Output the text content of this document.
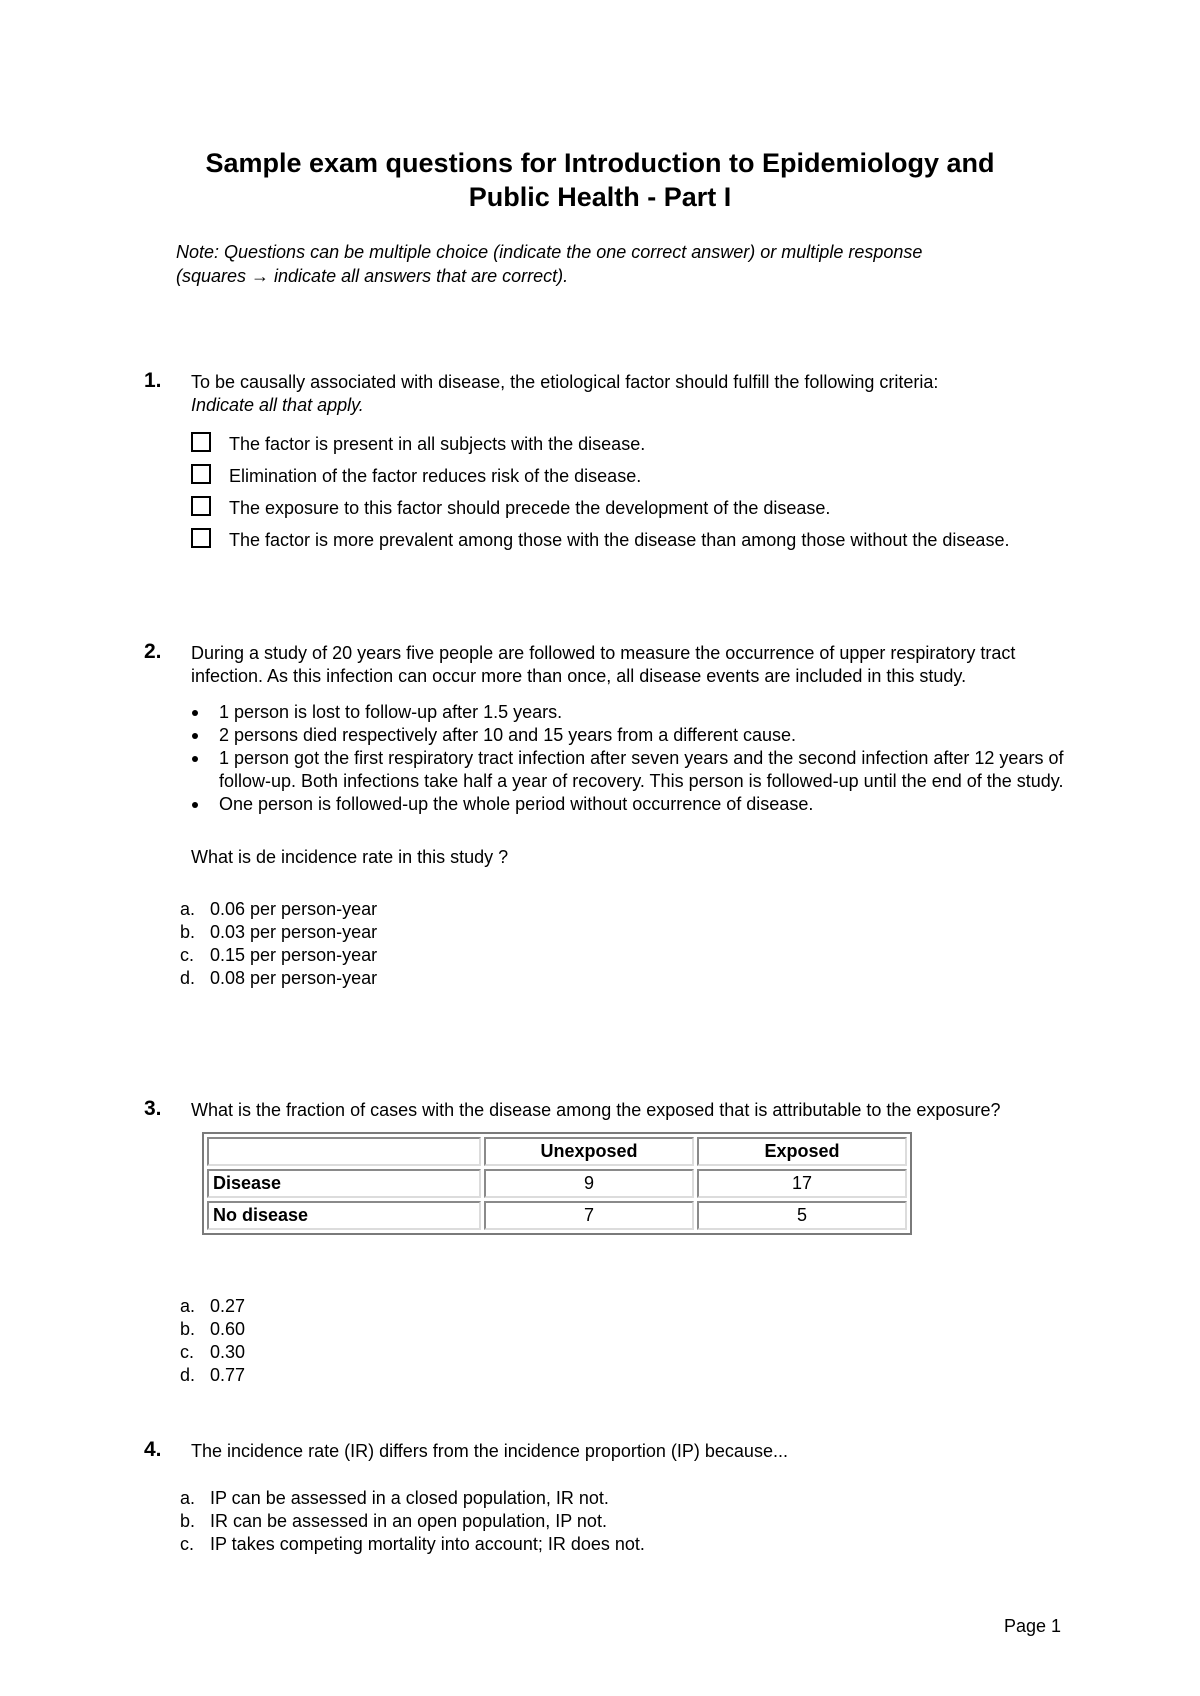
Sample exam questions for Introduction to Epidemiology and
Public Health - Part I
Note: Questions can be multiple choice (indicate the one correct answer) or multiple response
(squares → indicate all answers that are correct).
1. To be causally associated with disease, the etiological factor should fulfill the following criteria:
Indicate all that apply.
The factor is present in all subjects with the disease.
Elimination of the factor reduces risk of the disease.
The exposure to this factor should precede the development of the disease.
The factor is more prevalent among those with the disease than among those without the disease.
2. During a study of 20 years five people are followed to measure the occurrence of upper respiratory tract infection. As this infection can occur more than once, all disease events are included in this study.
1 person is lost to follow-up after 1.5 years.
2 persons died respectively after 10 and 15 years from a different cause.
1 person got the first respiratory tract infection after seven years and the second infection after 12 years of follow-up. Both infections take half a year of recovery. This person is followed-up until the end of the study.
One person is followed-up the whole period without occurrence of disease.
What is de incidence rate in this study ?
a. 0.06 per person-year
b. 0.03 per person-year
c. 0.15 per person-year
d. 0.08 per person-year
3. What is the fraction of cases with the disease among the exposed that is attributable to the exposure?
	Unexposed	Exposed
Disease	9	17
No disease	7	5
a. 0.27
b. 0.60
c. 0.30
d. 0.77
4. The incidence rate (IR) differs from the incidence proportion (IP) because...
a. IP can be assessed in a closed population, IR not.
b. IR can be assessed in an open population, IP not.
c. IP takes competing mortality into account; IR does not.
Page 1
